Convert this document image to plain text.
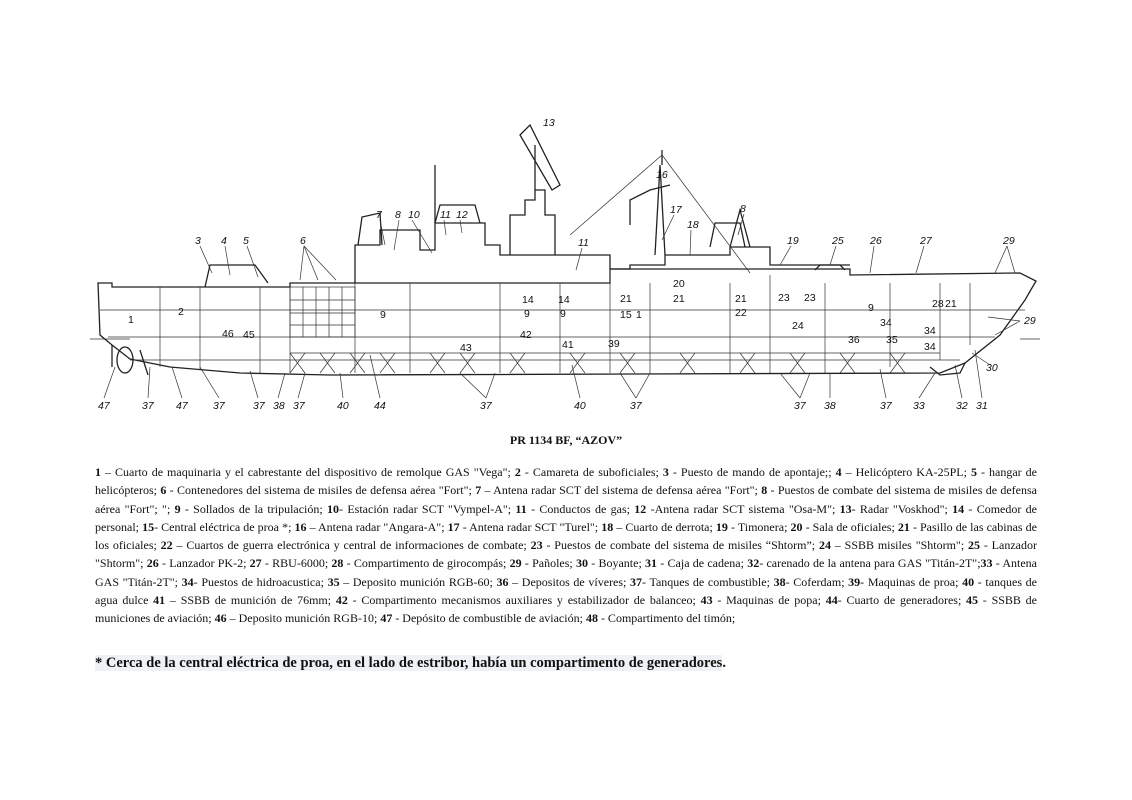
1
2
46 45
9
43
42
14 14
9	9
41
21	21	21
15 1
39
20
22
23 23
24
9
34
34
34
36	35
28 21
3 4 5	6
7 8 10 11 12
13
11
16
17
18
8
19	25	26	27	29
29
30
47	37 47 37	37 38 37	40 44	37	40	37	37 38	37 33	32 31
PR 1134 BF, “AZOV”
1 – Cuarto de maquinaria y el cabrestante del dispositivo de remolque GAS "Vega"; 2 - Camareta de suboficiales; 3 - Puesto de mando de apontaje;; 4 – Helicóptero KA-25PL; 5 - hangar de helicópteros; 6 - Contenedores del sistema de misiles de defensa aérea "Fort"; 7 – Antena radar SCT del sistema de defensa aérea "Fort"; 8 - Puestos de combate del sistema de misiles de defensa aérea "Fort"; "; 9 - Sollados de la tripulación; 10- Estación radar SCT "Vympel-A"; 11 - Conductos de gas; 12 -Antena radar SCT sistema "Osa-M"; 13- Radar "Voskhod"; 14 - Comedor de personal; 15- Central eléctrica de proa *; 16 – Antena radar "Angara-A"; 17 - Antena radar SCT "Turel"; 18 – Cuarto de derrota; 19 - Timonera; 20 - Sala de oficiales; 21 - Pasillo de las cabinas de los oficiales; 22 – Cuartos de guerra electrónica y central de informaciones de combate; 23 - Puestos de combate del sistema de misiles “Shtorm”; 24 – SSBB misiles "Shtorm"; 25 - Lanzador "Shtorm"; 26 - Lanzador PK-2; 27 - RBU-6000; 28 - Compartimento de girocompás; 29 - Pañoles; 30 - Boyante; 31 - Caja de cadena; 32- carenado de la antena para GAS "Titán-2T";33 - Antena GAS "Titán-2T"; 34- Puestos de hidroacustica; 35 – Deposito munición RGB-60; 36 – Depositos de víveres; 37- Tanques de combustible; 38- Coferdam; 39- Maquinas de proa; 40 - tanques de agua dulce 41 – SSBB de munición de 76mm; 42 - Compartimento mecanismos auxiliares y estabilizador de balanceo; 43 - Maquinas de popa; 44- Cuarto de generadores; 45 - SSBB de municiones de aviación; 46 – Deposito munición RGB-10; 47 - Depósito de combustible de aviación; 48 - Compartimento del timón;
* Cerca de la central eléctrica de proa, en el lado de estribor, había un compartimento de generadores.
